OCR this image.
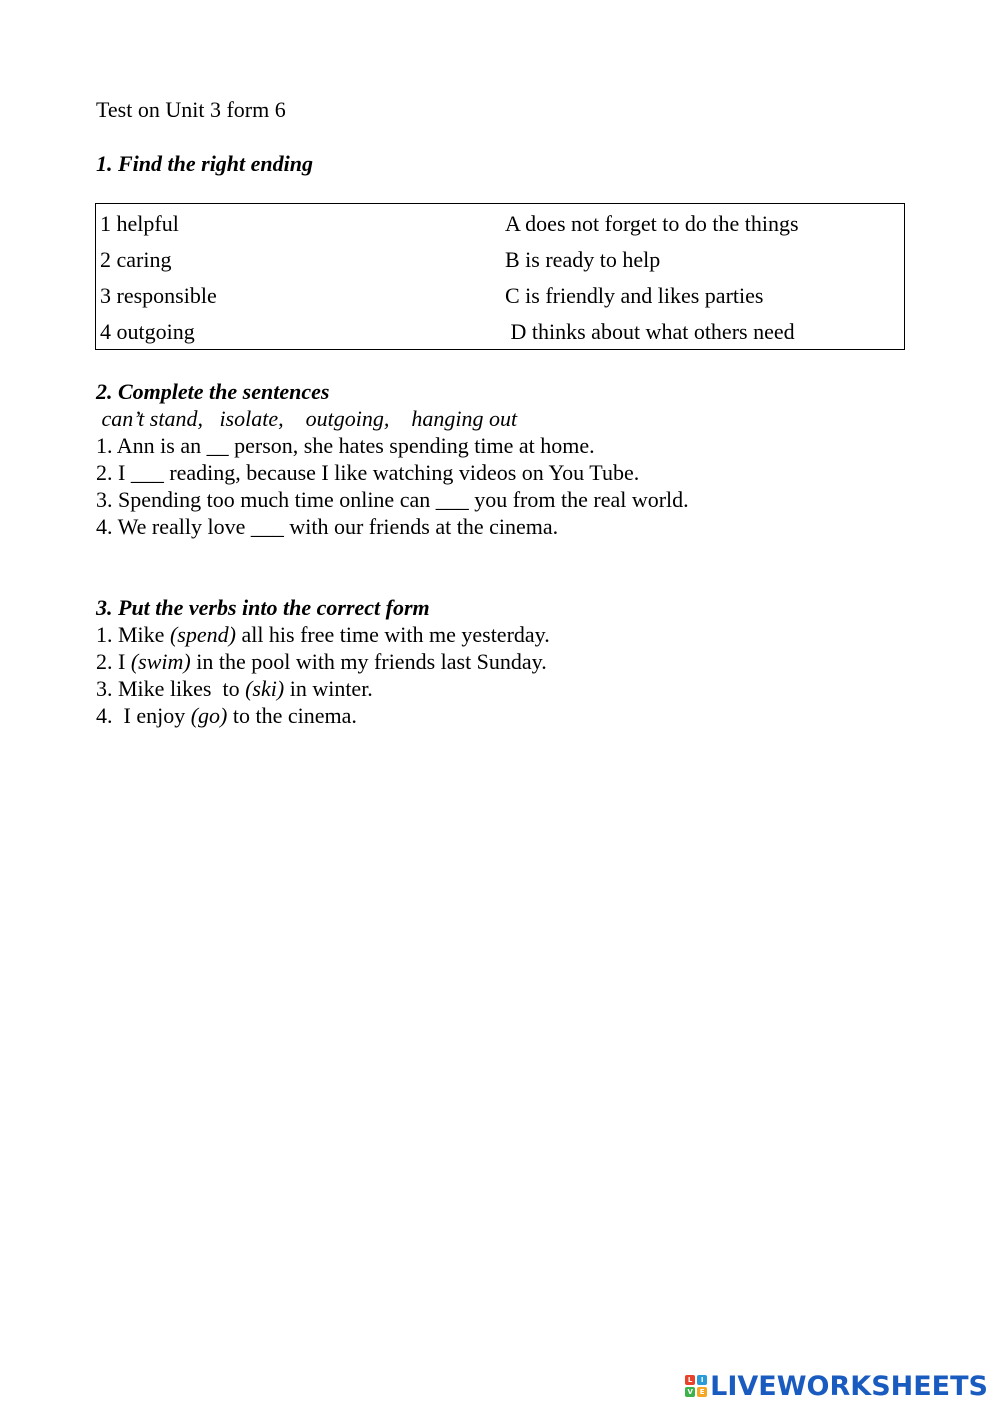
Test on Unit 3 form 6
1. Find the right ending
1 helpful	A does not forget to do the things
2 caring	B is ready to help
3 responsible	C is friendly and likes parties
4 outgoing	D thinks about what others need
2. Complete the sentences
can’t stand,   isolate,    outgoing,    hanging out
1. Ann is an __ person, she hates spending time at home.
2. I ___ reading, because I like watching videos on You Tube.
3. Spending too much time online can ___ you from the real world.
4. We really love ___ with our friends at the cinema.
3. Put the verbs into the correct form
1. Mike (spend) all his free time with me yesterday.
2. I (swim) in the pool with my friends last Sunday.
3. Mike likes  to (ski) in winter.
4.  I enjoy (go) to the cinema.
L	I
V E LIVEWORKSHEETS
